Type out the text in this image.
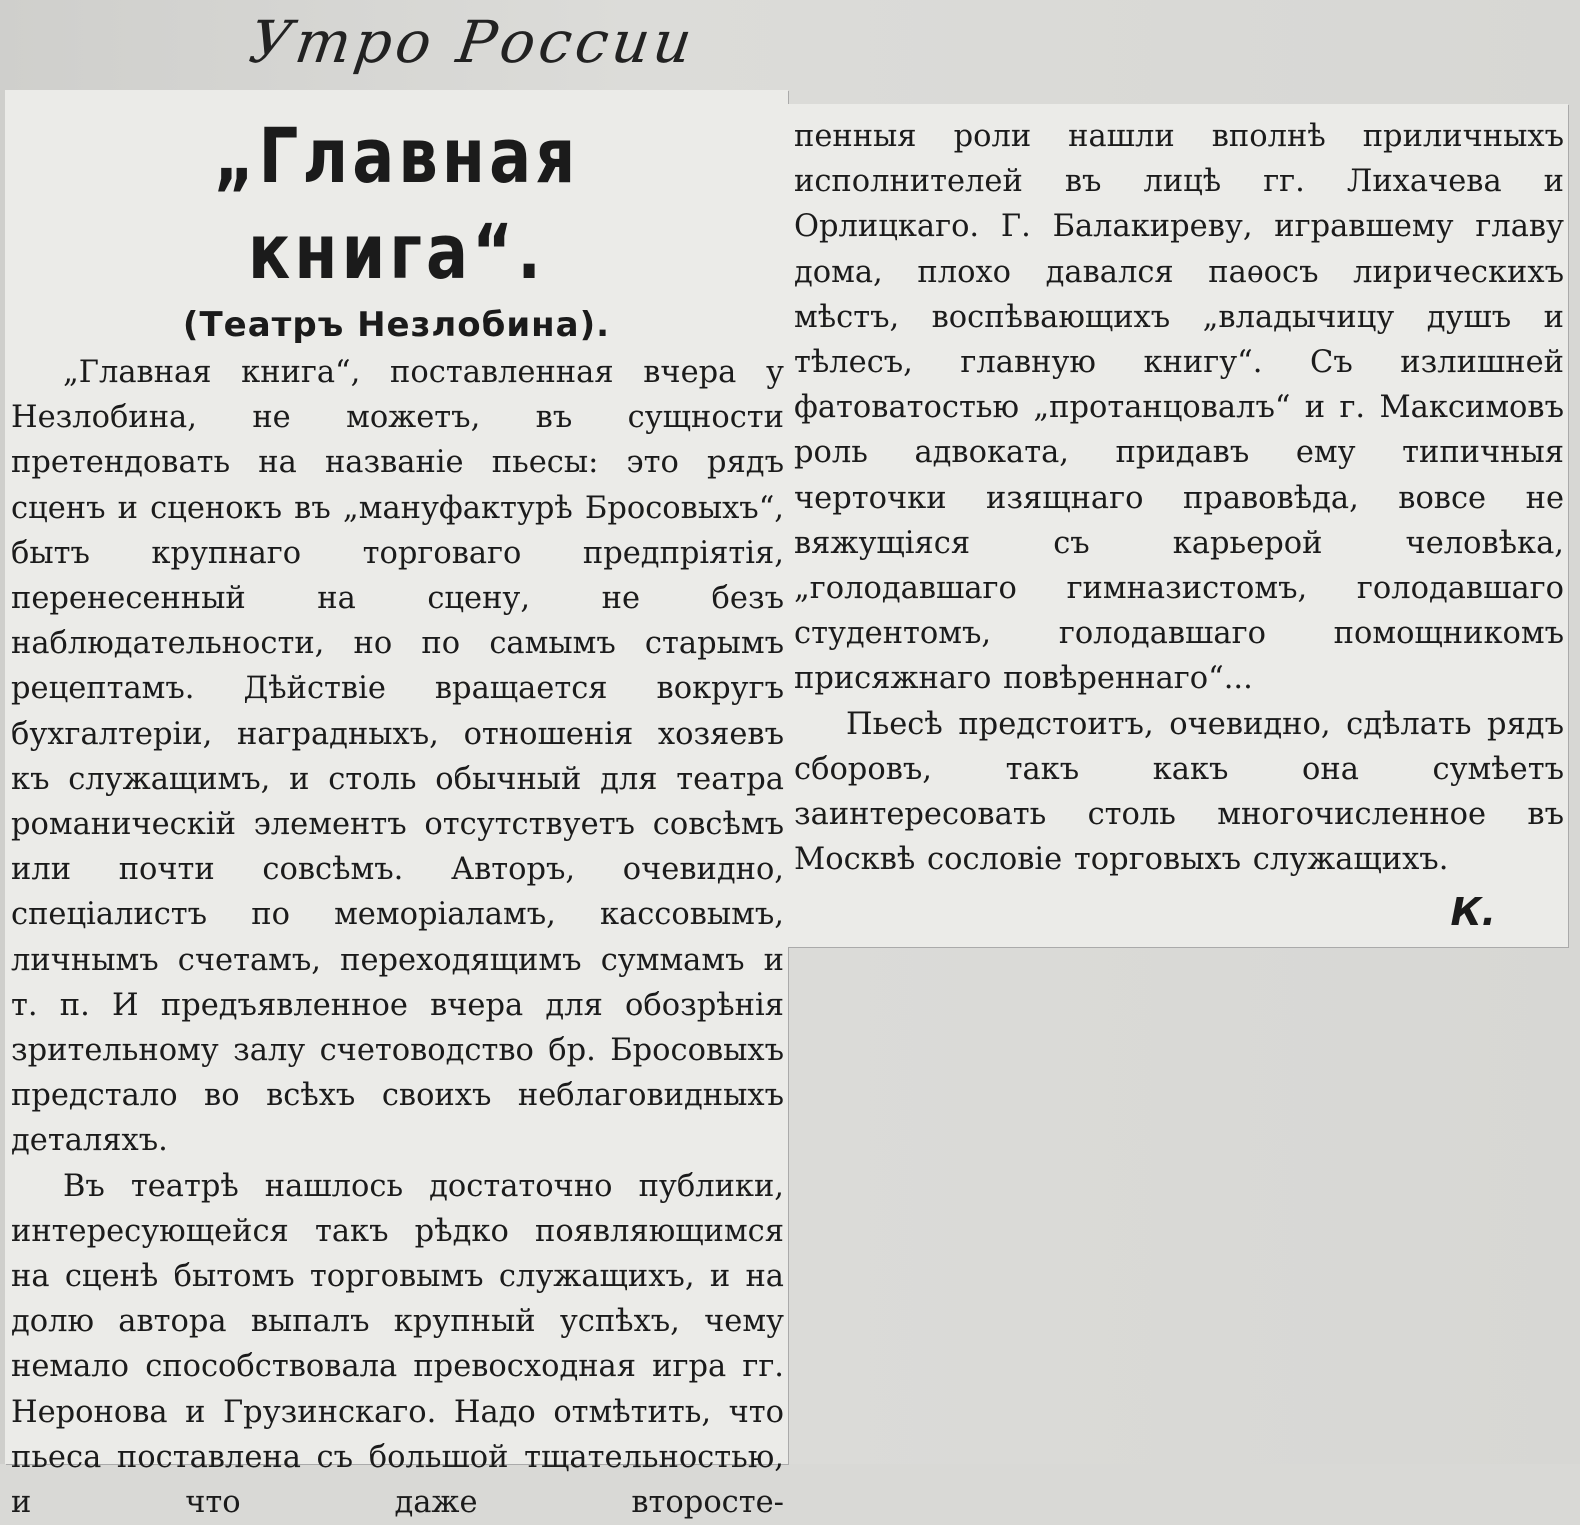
Утро России
„Главная книга“.
(Театръ Незлобина).

„Главная книга“, поставленная вчера у Незлобина, не можетъ, въ сущности претендовать на названіе пьесы: это рядъ сценъ и сценокъ въ „мануфактурѣ Бросовыхъ“, бытъ крупнаго торговаго предпріятія, перенесенный на сцену, не безъ наблюдательности, но по самымъ старымъ рецептамъ. Дѣйствіе вращается вокругъ бухгалтеріи, наградныхъ, отношенія хозяевъ къ служащимъ, и столь обычный для театра романическій элементъ отсутствуетъ совсѣмъ или почти совсѣмъ. Авторъ, очевидно, спеціалистъ по меморіаламъ, кассовымъ, личнымъ счетамъ, переходящимъ суммамъ и т. п. И предъявленное вчера для обозрѣнія зрительному залу счетоводство бр. Бросовыхъ предстало во всѣхъ своихъ неблаговидныхъ деталяхъ.

Въ театрѣ нашлось достаточно публики, интересующейся такъ рѣдко появляющимся на сценѣ бытомъ торговымъ служащихъ, и на долю автора выпалъ крупный успѣхъ, чему немало способствовала превосходная игра гг. Неронова и Грузинскаго. Надо отмѣтить, что пьеса поставлена съ большой тщательностью, и что даже второсте-

пенныя роли нашли вполнѣ приличныхъ исполнителей въ лицѣ гг. Лихачева и Орлицкаго. Г. Балакиреву, игравшему главу дома, плохо давался паѳосъ лирическихъ мѣстъ, воспѣвающихъ „владычицу душъ и тѣлесъ, главную книгу“. Съ излишней фатоватостью „протанцовалъ“ и г. Максимовъ роль адвоката, придавъ ему типичныя черточки изящнаго правовѣда, вовсе не вяжущіяся съ карьерой человѣка, „голодавшаго гимназистомъ, голодавшаго студентомъ, голодавшаго помощникомъ присяжнаго повѣреннаго“...

Пьесѣ предстоитъ, очевидно, сдѣлать рядъ сборовъ, такъ какъ она сумѣетъ заинтересовать столь многочисленное въ Москвѣ сословіе торговыхъ служащихъ.

К.
